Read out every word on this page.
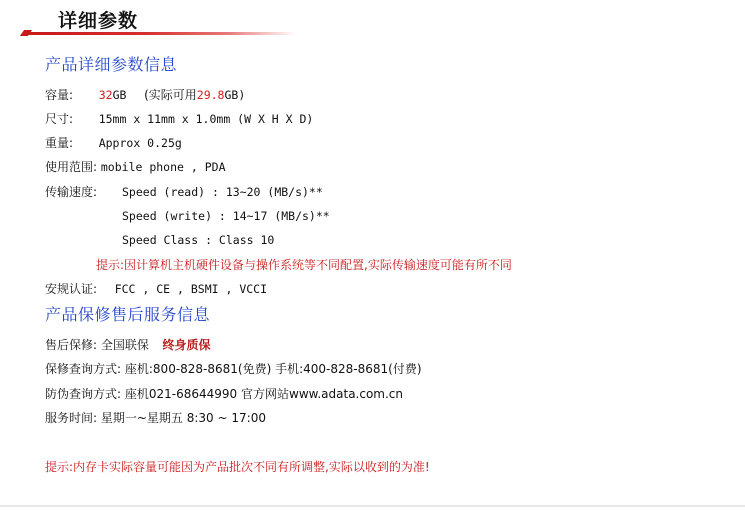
详细参数
产品详细参数信息
容量: 32GB (实际可用29.8GB)
尺寸: 15mm x 11mm x 1.0mm (W X H X D)
重量: Approx 0.25g
使用范围: mobile phone , PDA
传输速度: Speed (read) : 13~20 (MB/s)**
Speed (write) : 14~17 (MB/s)**
Speed Class : Class 10
提示:因计算机主机硬件设备与操作系统等不同配置,实际传输速度可能有所不同
安规认证: FCC , CE , BSMI , VCCI
产品保修售后服务信息
售后保修: 全国联保 终身质保
保修查询方式: 座机:800-828-8681(免费) 手机:400-828-8681(付费)
防伪查询方式: 座机021-68644990 官方网站www.adata.com.cn
服务时间: 星期一~星期五 8:30 ~ 17:00
提示:内存卡实际容量可能因为产品批次不同有所调整,实际以收到的为准!
